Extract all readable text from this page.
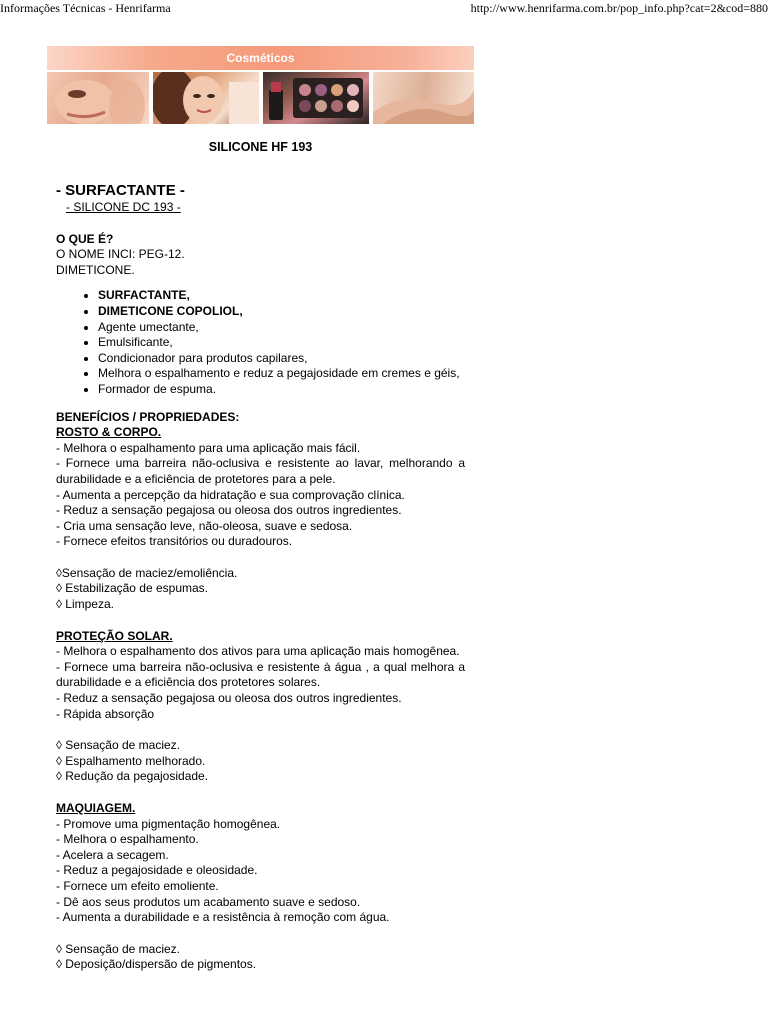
Informações Técnicas - Henrifarma	http://www.henrifarma.com.br/pop_info.php?cat=2&cod=880
Cosméticos

SILICONE HF 193

- SURFACTANTE -

- SILICONE DC 193 -

O QUE É?

O NOME INCI: PEG-12.

DIMETICONE.

• SURFACTANTE,
• DIMETICONE COPOLIOL,
• Agente umectante,
• Emulsificante,
• Condicionador para produtos capilares,
• Melhora o espalhamento e reduz a pegajosidade em cremes e géis,
• Formador de espuma.

BENEFÍCIOS / PROPRIEDADES:

ROSTO & CORPO.

- Melhora o espalhamento para uma aplicação mais fácil.

- Fornece uma barreira não-oclusiva e resistente ao lavar, melhorando a durabilidade e a eficiência de protetores para a pele.

- Aumenta a percepção da hidratação e sua comprovação clínica.

- Reduz a sensação pegajosa ou oleosa dos outros ingredientes.

- Cria uma sensação leve, não-oleosa, suave e sedosa.

- Fornece efeitos transitórios ou duradouros.

◊Sensação de maciez/emoliência.

◊ Estabilização de espumas.

◊ Limpeza.

PROTEÇÃO SOLAR.

- Melhora o espalhamento dos ativos para uma aplicação mais homogênea.

- Fornece uma barreira não-oclusiva e resistente à água , a qual melhora a durabilidade e a eficiência dos protetores solares.

- Reduz a sensação pegajosa ou oleosa dos outros ingredientes.

- Rápida absorção

◊ Sensação de maciez.

◊ Espalhamento melhorado.

◊ Redução da pegajosidade.

MAQUIAGEM.

- Promove uma pigmentação homogênea.

- Melhora o espalhamento.

- Acelera a secagem.

- Reduz a pegajosidade e oleosidade.

- Fornece um efeito emoliente.

- Dê aos seus produtos um acabamento suave e sedoso.

- Aumenta a durabilidade e a resistência à remoção com água.

◊ Sensação de maciez.

◊ Deposição/dispersão de pigmentos.
